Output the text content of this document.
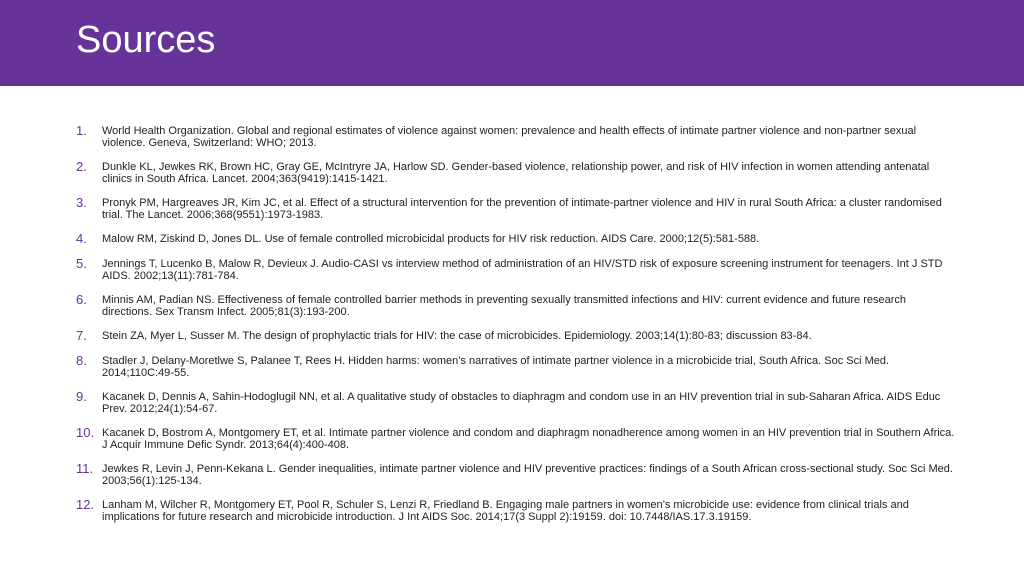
Sources
1.	World Health Organization. Global and regional estimates of violence against women: prevalence and health effects of intimate partner violence and non-partner sexual violence. Geneva, Switzerland: WHO; 2013.
2.	Dunkle KL, Jewkes RK, Brown HC, Gray GE, McIntryre JA, Harlow SD. Gender-based violence, relationship power, and risk of HIV infection in women attending antenatal clinics in South Africa. Lancet. 2004;363(9419):1415-1421.
3.	Pronyk PM, Hargreaves JR, Kim JC, et al. Effect of a structural intervention for the prevention of intimate-partner violence and HIV in rural South Africa: a cluster randomised trial. The Lancet. 2006;368(9551):1973-1983.
4.	Malow RM, Ziskind D, Jones DL. Use of female controlled microbicidal products for HIV risk reduction. AIDS Care. 2000;12(5):581-588.
5.	Jennings T, Lucenko B, Malow R, Devieux J. Audio-CASI vs interview method of administration of an HIV/STD risk of exposure screening instrument for teenagers. Int J STD AIDS. 2002;13(11):781-784.
6.	Minnis AM, Padian NS. Effectiveness of female controlled barrier methods in preventing sexually transmitted infections and HIV: current evidence and future research directions. Sex Transm Infect. 2005;81(3):193-200.
7.	Stein ZA, Myer L, Susser M. The design of prophylactic trials for HIV: the case of microbicides. Epidemiology. 2003;14(1):80-83; discussion 83-84.
8.	Stadler J, Delany-Moretlwe S, Palanee T, Rees H. Hidden harms: women’s narratives of intimate partner violence in a microbicide trial, South Africa. Soc Sci Med. 2014;110C:49-55.
9.	Kacanek D, Dennis A, Sahin-Hodoglugil NN, et al. A qualitative study of obstacles to diaphragm and condom use in an HIV prevention trial in sub-Saharan Africa. AIDS Educ Prev. 2012;24(1):54-67.
10. Kacanek D, Bostrom A, Montgomery ET, et al. Intimate partner violence and condom and diaphragm nonadherence among women in an HIV prevention trial in Southern Africa. J Acquir Immune Defic Syndr. 2013;64(4):400-408.
11. Jewkes R, Levin J, Penn-Kekana L. Gender inequalities, intimate partner violence and HIV preventive practices: findings of a South African cross-sectional study. Soc Sci Med. 2003;56(1):125-134.
12. Lanham M, Wilcher R, Montgomery ET, Pool R, Schuler S, Lenzi R, Friedland B. Engaging male partners in women’s microbicide use: evidence from clinical trials and implications for future research and microbicide introduction. J Int AIDS Soc. 2014;17(3 Suppl 2):19159. doi: 10.7448/IAS.17.3.19159.
